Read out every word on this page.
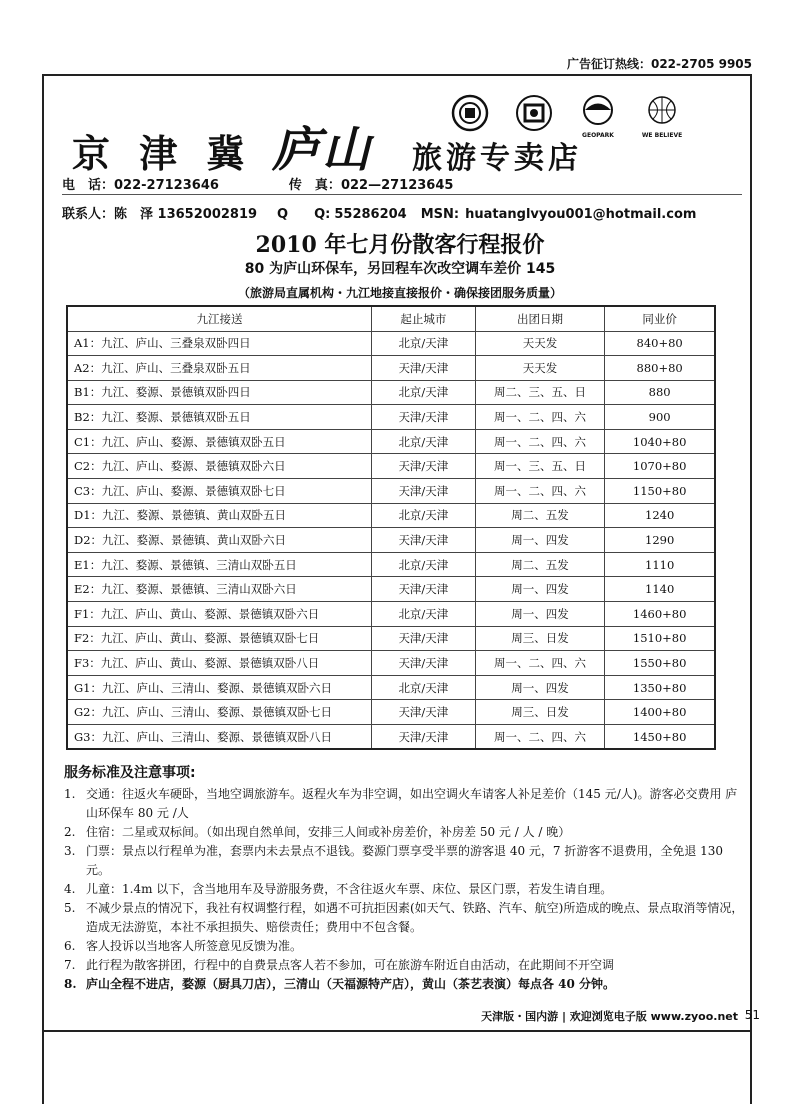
广告征订热线：022-2705 9905
京 津 冀 庐山	GEOPARK	WE BELIEVE
旅游专卖店
电　话：022-27123646	传　真：022—27123645
联系人：陈　泽 13652002819 Q　　Q: 55286204 MSN: huatanglvyou001@hotmail.com
2010 年七月份散客行程报价
80 为庐山环保车，另回程车次改空调车差价 145
（旅游局直属机构・九江地接直接报价・确保接团服务质量）
九江接送	起止城市	出团日期	同业价
A1：九江、庐山、三叠泉双卧四日	北京/天津	天天发	840+80
A2：九江、庐山、三叠泉双卧五日	天津/天津	天天发	880+80
B1：九江、婺源、景德镇双卧四日	北京/天津	周二、三、五、日	880
B2：九江、婺源、景德镇双卧五日	天津/天津	周一、二、四、六	900
C1：九江、庐山、婺源、景德镇双卧五日	北京/天津	周一、二、四、六	1040+80
C2：九江、庐山、婺源、景德镇双卧六日	天津/天津	周一、三、五、日	1070+80
C3：九江、庐山、婺源、景德镇双卧七日	天津/天津	周一、二、四、六	1150+80
D1：九江、婺源、景德镇、黄山双卧五日	北京/天津	周二、五发	1240
D2：九江、婺源、景德镇、黄山双卧六日	天津/天津	周一、四发	1290
E1：九江、婺源、景德镇、三清山双卧五日	北京/天津	周二、五发	1110
E2：九江、婺源、景德镇、三清山双卧六日	天津/天津	周一、四发	1140
F1：九江、庐山、黄山、婺源、景德镇双卧六日	北京/天津	周一、四发	1460+80
F2：九江、庐山、黄山、婺源、景德镇双卧七日	天津/天津	周三、日发	1510+80
F3：九江、庐山、黄山、婺源、景德镇双卧八日	天津/天津	周一、二、四、六	1550+80
G1：九江、庐山、三清山、婺源、景德镇双卧六日	北京/天津	周一、四发	1350+80
G2：九江、庐山、三清山、婺源、景德镇双卧七日	天津/天津	周三、日发	1400+80
G3：九江、庐山、三清山、婺源、景德镇双卧八日	天津/天津	周一、二、四、六	1450+80
服务标准及注意事项:
1. 交通：往返火车硬卧，当地空调旅游车。返程火车为非空调，如出空调火车请客人补足差价（145 元/人)。游客必交费用 庐山环保车 80 元 /人
2. 住宿：二星或双标间。（如出现自然单间，安排三人间或补房差价，补房差 50 元 / 人 / 晚）
3. 门票：景点以行程单为准，套票内未去景点不退钱。婺源门票享受半票的游客退 40 元，7 折游客不退费用，全免退 130 元。
4. 儿童：1.4m 以下，含当地用车及导游服务费，不含往返火车票、床位、景区门票，若发生请自理。
5. 不减少景点的情况下，我社有权调整行程，如遇不可抗拒因素(如天气、铁路、汽车、航空)所造成的晚点、景点取消等情况，造成无法游览，本社不承担损失、赔偿责任；费用中不包含餐。
6. 客人投诉以当地客人所签意见反馈为准。
7. 此行程为散客拼团，行程中的自费景点客人若不参加，可在旅游车附近自由活动，在此期间不开空调
8. 庐山全程不进店，婺源（厨具刀店），三清山（天福源特产店），黄山（茶艺表演）每点各 40 分钟。
天津版・国内游 | 欢迎浏览电子版 www.zyoo.net 51
